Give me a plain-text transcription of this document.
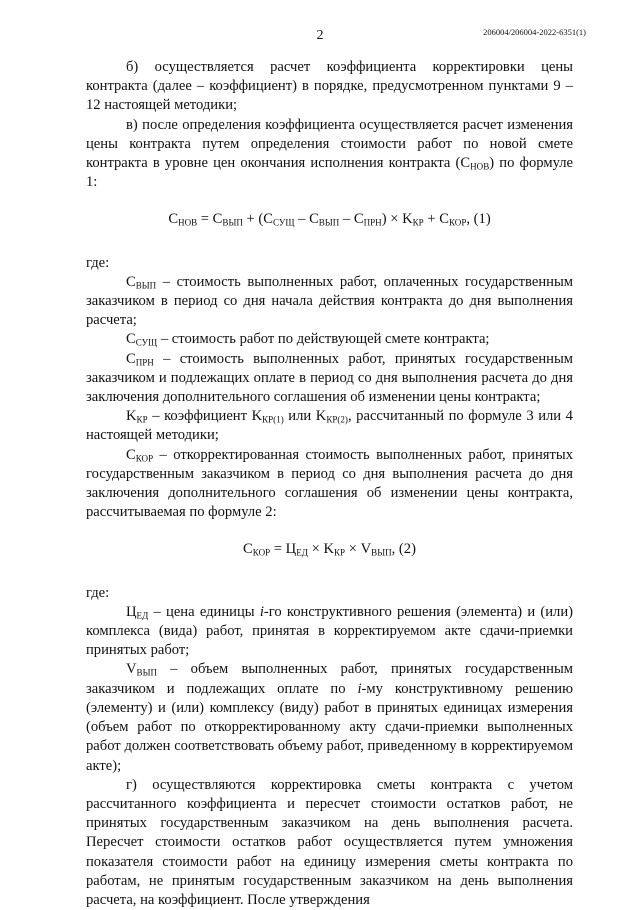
2	206004/206004-2022-6351(1)

б) осуществляется расчет коэффициента корректировки цены контракта (далее – коэффициент) в порядке, предусмотренном пунктами 9 – 12 настоящей методики;

в) после определения коэффициента осуществляется расчет изменения цены контракта путем определения стоимости работ по новой смете контракта в уровне цен окончания исполнения контракта $(C_{НОВ})$ по формуле 1:

$C_{НОВ} = C_{ВЫП} + (C_{СУЩ} - C_{ВЫП} - C_{ПРН}) \times K_{КР} + C_{КОР}$, (1)

где:

$C_{ВЫП}$ – стоимость выполненных работ, оплаченных государственным заказчиком в период со дня начала действия контракта до дня выполнения расчета;

$C_{СУЩ}$ – стоимость работ по действующей смете контракта;

$C_{ПРН}$ – стоимость выполненных работ, принятых государственным заказчиком и подлежащих оплате в период со дня выполнения расчета до дня заключения дополнительного соглашения об изменении цены контракта;

$K_{КР}$ – коэффициент $K_{КР(1)}$ или $K_{КР(2)}$, рассчитанный по формуле 3 или 4 настоящей методики;

$C_{КОР}$ – откорректированная стоимость выполненных работ, принятых государственным заказчиком в период со дня выполнения расчета до дня заключения дополнительного соглашения об изменении цены контракта, рассчитываемая по формуле 2:

$C_{КОР} = Ц_{ЕД} \times K_{КР} \times V_{ВЫП}$, (2)

где:

$Ц_{ЕД}$ – цена единицы i-го конструктивного решения (элемента) и (или) комплекса (вида) работ, принятая в корректируемом акте сдачи-приемки принятых работ;

$V_{ВЫП}$ – объем выполненных работ, принятых государственным заказчиком и подлежащих оплате по i-му конструктивному решению (элементу) и (или) комплексу (виду) работ в принятых единицах измерения (объем работ по откорректированному акту сдачи-приемки выполненных работ должен соответствовать объему работ, приведенному в корректируемом акте);

г) осуществляются корректировка сметы контракта с учетом рассчитанного коэффициента и пересчет стоимости остатков работ, не принятых государственным заказчиком на день выполнения расчета. Пересчет стоимости остатков работ осуществляется путем умножения показателя стоимости работ на единицу измерения сметы контракта по работам, не принятым государственным заказчиком на день выполнения расчета, на коэффициент. После утверждения
